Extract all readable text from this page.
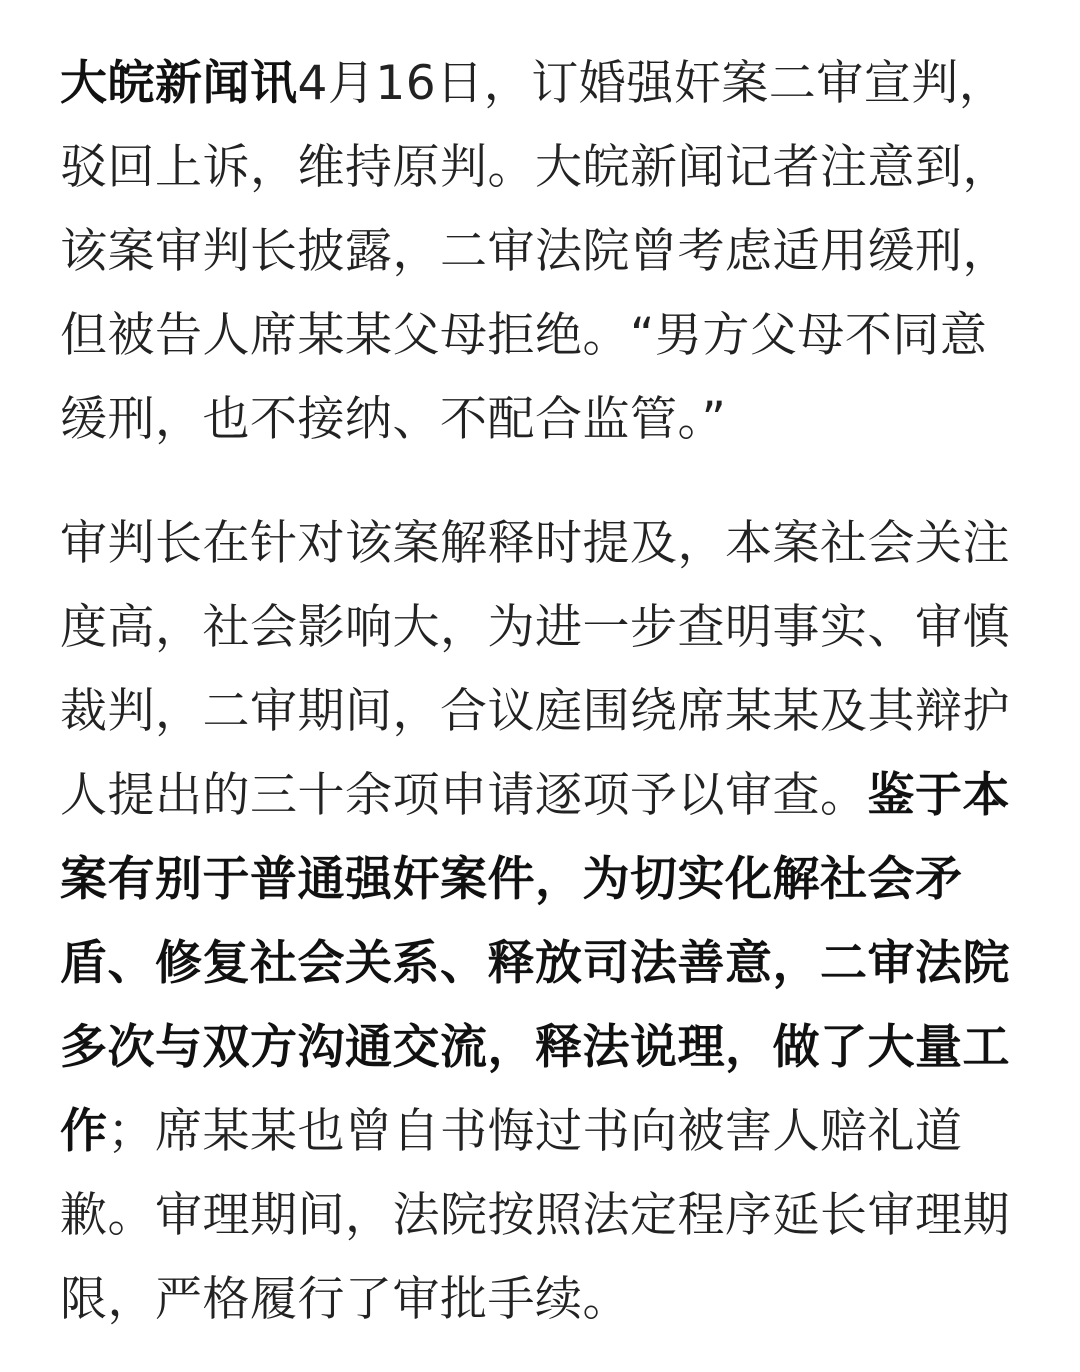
大皖新闻讯4月16日，订婚强奸案二审宣判，驳回上诉，维持原判。大皖新闻记者注意到，该案审判长披露，二审法院曾考虑适用缓刑，但被告人席某某父母拒绝。“男方父母不同意缓刑，也不接纳、不配合监管。”

审判长在针对该案解释时提及，本案社会关注度高，社会影响大，为进一步查明事实、审慎裁判，二审期间，合议庭围绕席某某及其辩护人提出的三十余项申请逐项予以审查。鉴于本案有别于普通强奸案件，为切实化解社会矛盾、修复社会关系、释放司法善意，二审法院多次与双方沟通交流，释法说理，做了大量工作；席某某也曾自书悔过书向被害人赔礼道歉。审理期间，法院按照法定程序延长审理期限，严格履行了审批手续。
